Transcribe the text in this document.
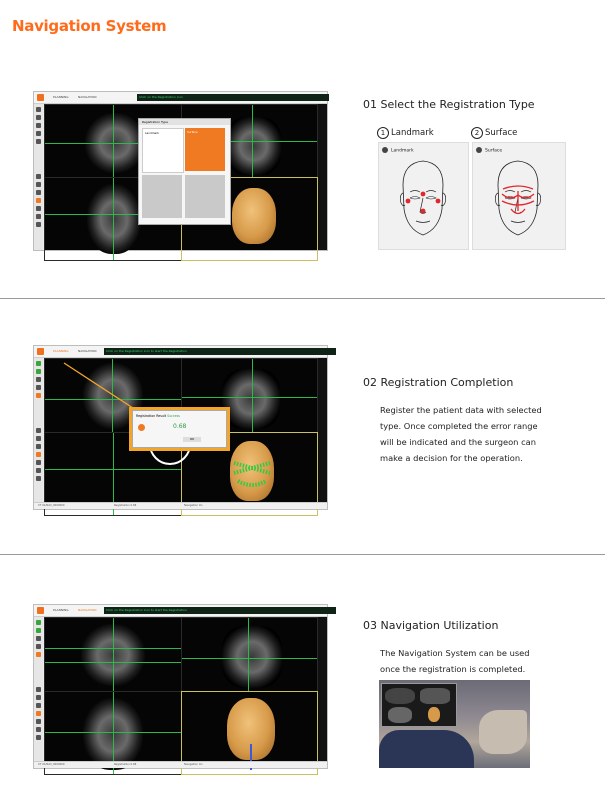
Navigation System
PLANNING	NAVIGATION	Click on the Registration icon
Registration Type
Landmark	Surface
01 Select the Registration Type
1 Landmark	2 Surface
Landmark	Surface
PLANNING	NAVIGATION	Click on the Registration icon to start the Registration
Registration Result Success
0.68
OK
CT 01/NAV_0000000	Registration 0.68	Navigation On
02 Registration Completion
Register the patient data with selected
type. Once completed the error range
will be indicated and the surgeon can
make a decision for the operation.
PLANNING	NAVIGATION	Click on the Registration icon to start the Registration
CT 01/NAV_0000000	Registration 0.68	Navigation On
03 Navigation Utilization
The Navigation System can be used
once the registration is completed.
